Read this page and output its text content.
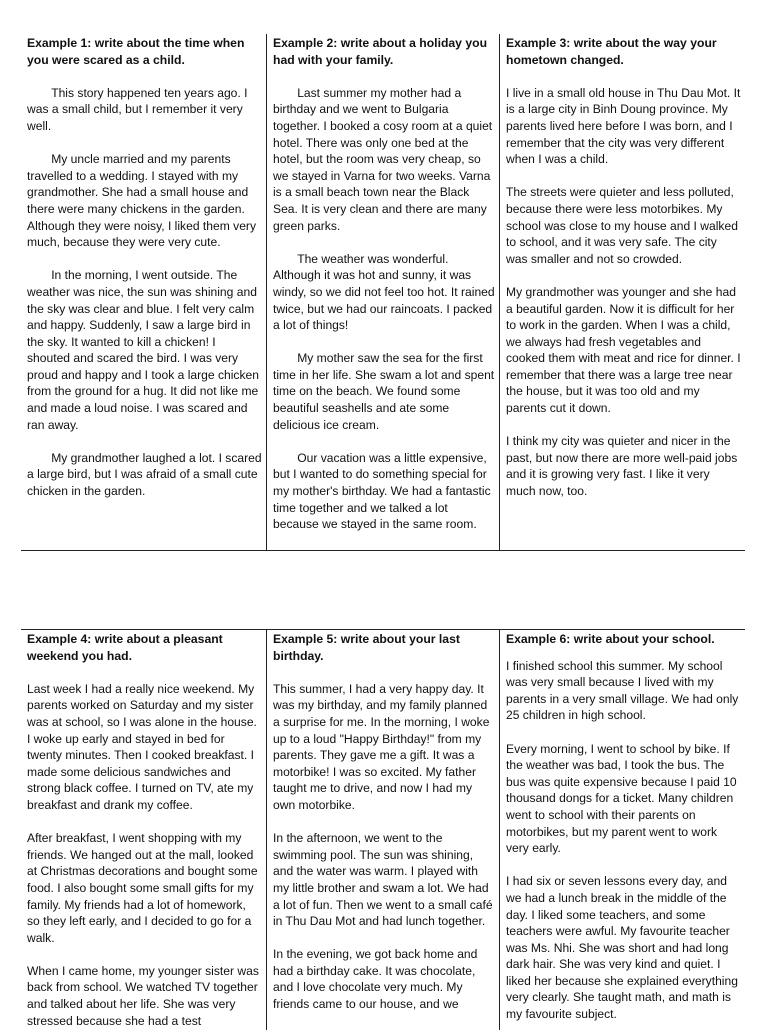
Example 1: write about the time when you were scared as a child.

This story happened ten years ago. I was a small child, but I remember it very well.

My uncle married and my parents travelled to a wedding. I stayed with my grandmother. She had a small house and there were many chickens in the garden. Although they were noisy, I liked them very much, because they were very cute.

In the morning, I went outside. The weather was nice, the sun was shining and the sky was clear and blue. I felt very calm and happy. Suddenly, I saw a large bird in the sky. It wanted to kill a chicken! I shouted and scared the bird. I was very proud and happy and I took a large chicken from the ground for a hug. It did not like me and made a loud noise. I was scared and ran away.

My grandmother laughed a lot. I scared a large bird, but I was afraid of a small cute chicken in the garden.

Example 2: write about a holiday you had with your family.

Last summer my mother had a birthday and we went to Bulgaria together. I booked a cosy room at a quiet hotel. There was only one bed at the hotel, but the room was very cheap, so we stayed in Varna for two weeks. Varna is a small beach town near the Black Sea. It is very clean and there are many green parks.

The weather was wonderful. Although it was hot and sunny, it was windy, so we did not feel too hot. It rained twice, but we had our raincoats. I packed a lot of things!

My mother saw the sea for the first time in her life. She swam a lot and spent time on the beach. We found some beautiful seashells and ate some delicious ice cream.

Our vacation was a little expensive, but I wanted to do something special for my mother's birthday. We had a fantastic time together and we talked a lot because we stayed in the same room.

Example 3: write about the way your hometown changed.

I live in a small old house in Thu Dau Mot. It is a large city in Binh Doung province. My parents lived here before I was born, and I remember that the city was very different when I was a child.

The streets were quieter and less polluted, because there were less motorbikes. My school was close to my house and I walked to school, and it was very safe. The city was smaller and not so crowded.

My grandmother was younger and she had a beautiful garden. Now it is difficult for her to work in the garden. When I was a child, we always had fresh vegetables and cooked them with meat and rice for dinner. I remember that there was a large tree near the house, but it was too old and my parents cut it down.

I think my city was quieter and nicer in the past, but now there are more well-paid jobs and it is growing very fast. I like it very much now, too.

Example 4: write about a pleasant weekend you had.

Last week I had a really nice weekend. My parents worked on Saturday and my sister was at school, so I was alone in the house. I woke up early and stayed in bed for twenty minutes. Then I cooked breakfast. I made some delicious sandwiches and strong black coffee. I turned on TV, ate my breakfast and drank my coffee.

After breakfast, I went shopping with my friends. We hanged out at the mall, looked at Christmas decorations and bought some food. I also bought some small gifts for my family. My friends had a lot of homework, so they left early, and I decided to go for a walk.

When I came home, my younger sister was back from school. We watched TV together and talked about her life. She was very stressed because she had a test

Example 5: write about your last birthday.

This summer, I had a very happy day. It was my birthday, and my family planned a surprise for me. In the morning, I woke up to a loud "Happy Birthday!" from my parents. They gave me a gift. It was a motorbike! I was so excited. My father taught me to drive, and now I had my own motorbike.

In the afternoon, we went to the swimming pool. The sun was shining, and the water was warm. I played with my little brother and swam a lot. We had a lot of fun. Then we went to a small café in Thu Dau Mot and had lunch together.

In the evening, we got back home and had a birthday cake. It was chocolate, and I love chocolate very much. My friends came to our house, and we

Example 6: write about your school.

I finished school this summer. My school was very small because I lived with my parents in a very small village. We had only 25 children in high school.

Every morning, I went to school by bike. If the weather was bad, I took the bus. The bus was quite expensive because I paid 10 thousand dongs for a ticket. Many children went to school with their parents on motorbikes, but my parent went to work very early.

I had six or seven lessons every day, and we had a lunch break in the middle of the day. I liked some teachers, and some teachers were awful. My favourite teacher was Ms. Nhi. She was short and had long dark hair. She was very kind and quiet. I liked her because she explained everything very clearly. She taught math, and math is my favourite subject.
